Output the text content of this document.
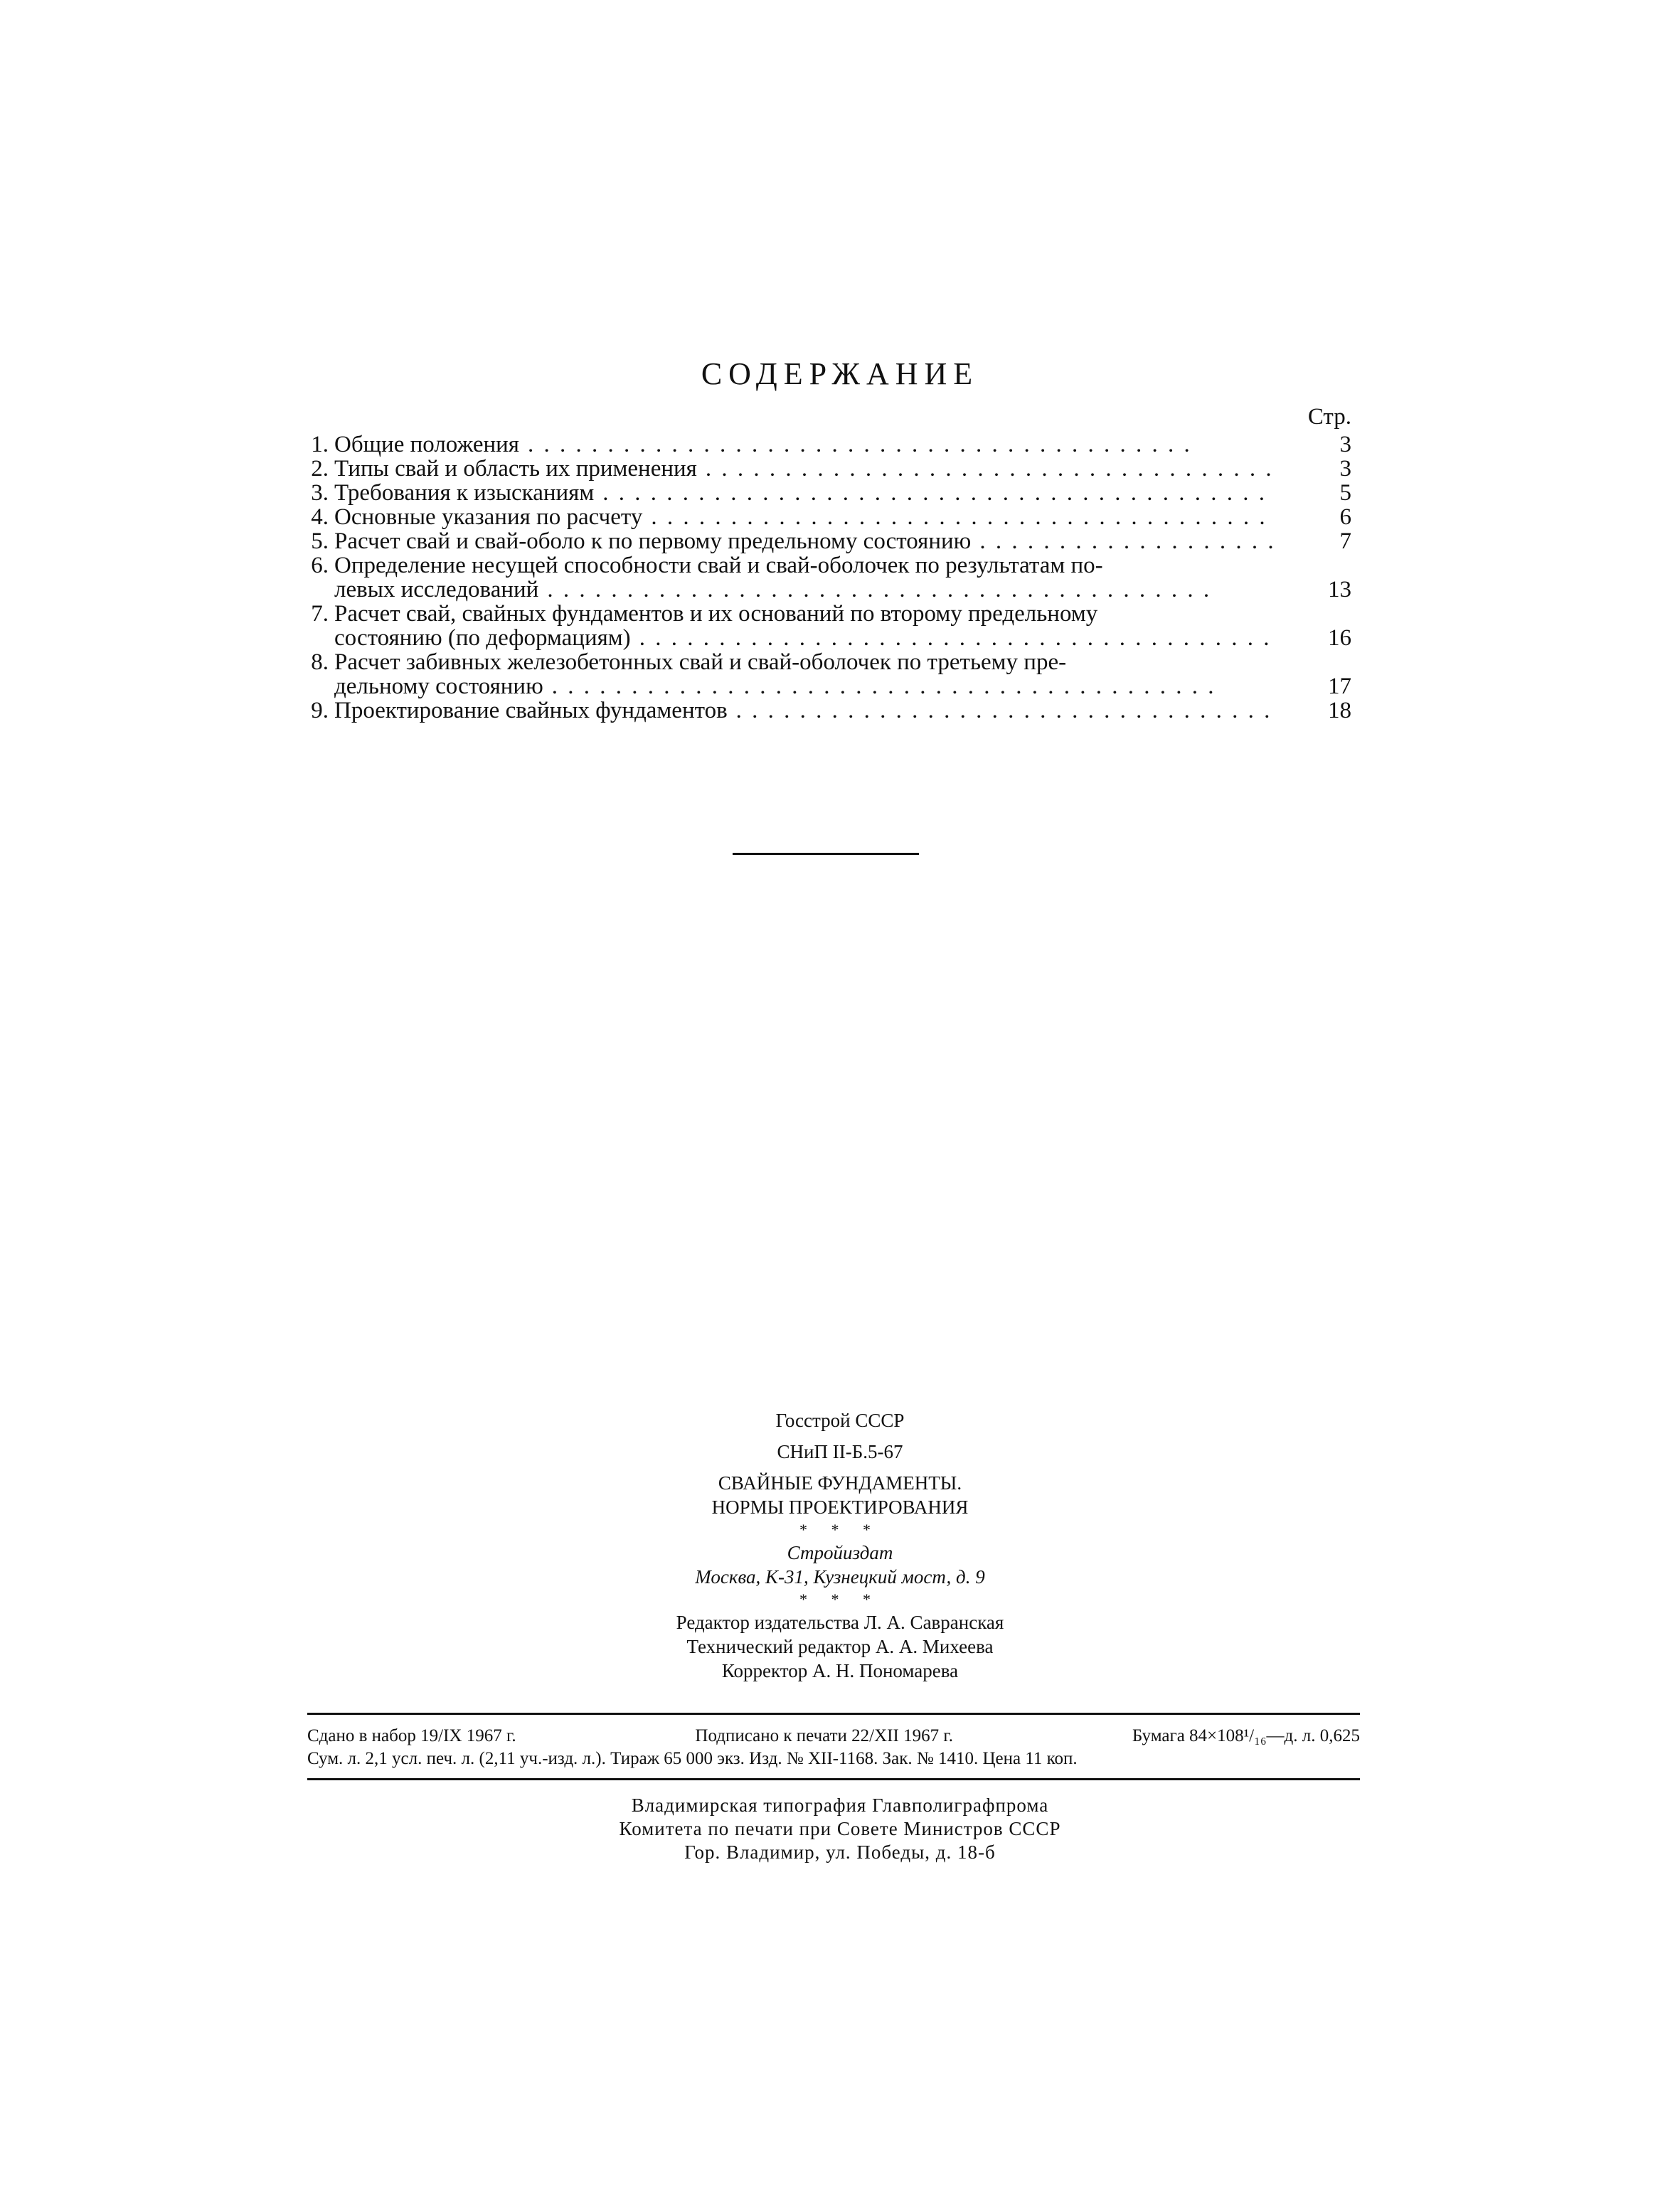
СОДЕРЖАНИЕ
Стр.
1. Общие положения . .	3
2. Типы свай и область их применения . .	3
3. Требования к изысканиям . .	5
4. Основные указания по расчету . .	6
5. Расчет свай и свай-оболо к по первому предельному состоянию . .	7
6. Определение несущей способности свай и свай-оболочек по результатам по-
левых исследований . .	13
7. Расчет свай, свайных фундаментов и их оснований по второму предельному
состоянию (по деформациям) . .	16
8. Расчет забивных железобетонных свай и свай-оболочек по третьему пре-
дельному состоянию . .	17
9. Проектирование свайных фундаментов . .	18
Госстрой СССР
СНиП II-Б.5-67
СВАЙНЫЕ ФУНДАМЕНТЫ.
НОРМЫ ПРОЕКТИРОВАНИЯ
* * *
Стройиздат
Москва, К-31, Кузнецкий мост, д. 9
* * *
Редактор издательства Л. А. Савранская
Технический редактор А. А. Михеева
Корректор А. Н. Пономарева
Сдано в набор 19/IX 1967 г.	Подписано к печати 22/XII 1967 г.	Бумага 84×108¹/₁₆—д. л. 0,625
Сум. л. 2,1 усл. печ. л. (2,11 уч.-изд. л.). Тираж 65 000 экз. Изд. № XII-1168. Зак. № 1410. Цена 11 коп.
Владимирская типография Главполиграфпрома
Комитета по печати при Совете Министров СССР
Гор. Владимир, ул. Победы, д. 18-б
